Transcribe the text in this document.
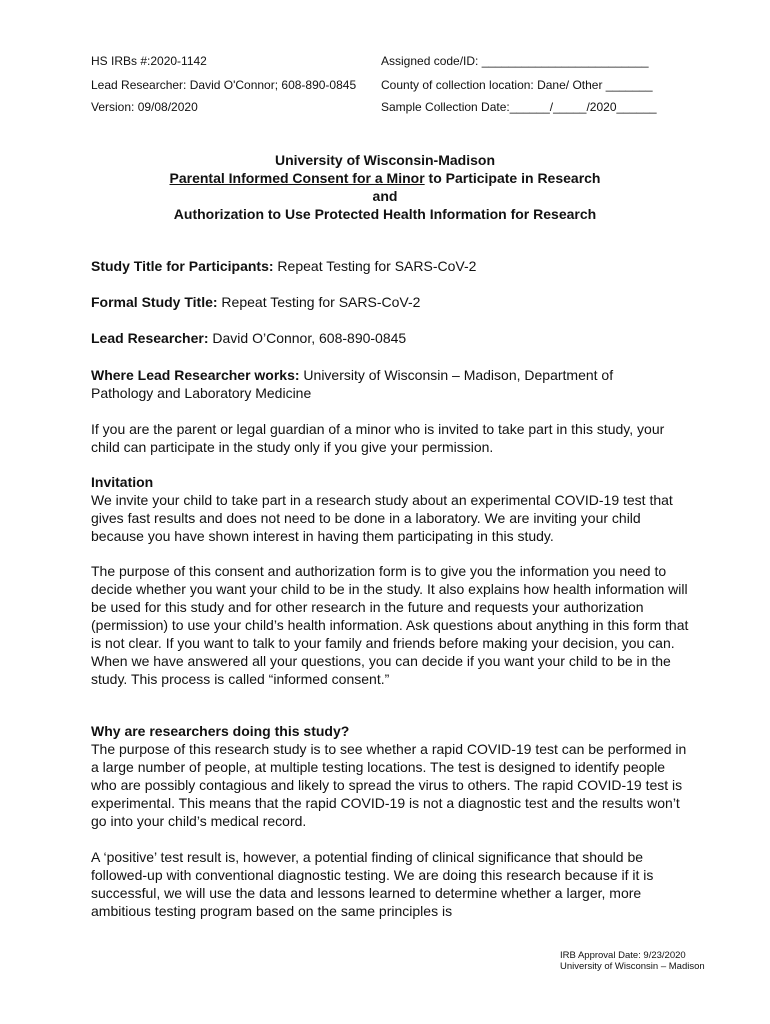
HS IRBs #:2020-1142	Assigned code/ID: _________________________
Lead Researcher: David O'Connor; 608-890-0845 County of collection location: Dane/ Other _______
Version: 09/08/2020	Sample Collection Date:______/_____/2020______
University of Wisconsin-Madison
Parental Informed Consent for a Minor to Participate in Research
and
Authorization to Use Protected Health Information for Research
Study Title for Participants: Repeat Testing for SARS-CoV-2
Formal Study Title: Repeat Testing for SARS-CoV-2
Lead Researcher: David O’Connor, 608-890-0845
Where Lead Researcher works: University of Wisconsin – Madison, Department of Pathology and Laboratory Medicine

If you are the parent or legal guardian of a minor who is invited to take part in this study, your child can participate in the study only if you give your permission.

Invitation

We invite your child to take part in a research study about an experimental COVID-19 test that gives fast results and does not need to be done in a laboratory. We are inviting your child because you have shown interest in having them participating in this study.

The purpose of this consent and authorization form is to give you the information you need to decide whether you want your child to be in the study. It also explains how health information will be used for this study and for other research in the future and requests your authorization (permission) to use your child’s health information. Ask questions about anything in this form that is not clear. If you want to talk to your family and friends before making your decision, you can. When we have answered all your questions, you can decide if you want your child to be in the study. This process is called “informed consent.”

Why are researchers doing this study?

The purpose of this research study is to see whether a rapid COVID-19 test can be performed in a large number of people, at multiple testing locations. The test is designed to identify people who are possibly contagious and likely to spread the virus to others. The rapid COVID-19 test is experimental. This means that the rapid COVID-19 is not a diagnostic test and the results won’t go into your child’s medical record.

A ‘positive’ test result is, however, a potential finding of clinical significance that should be followed-up with conventional diagnostic testing. We are doing this research because if it is successful, we will use the data and lessons learned to determine whether a larger, more ambitious testing program based on the same principles is

IRB Approval Date: 9/23/2020
University of Wisconsin – Madison
